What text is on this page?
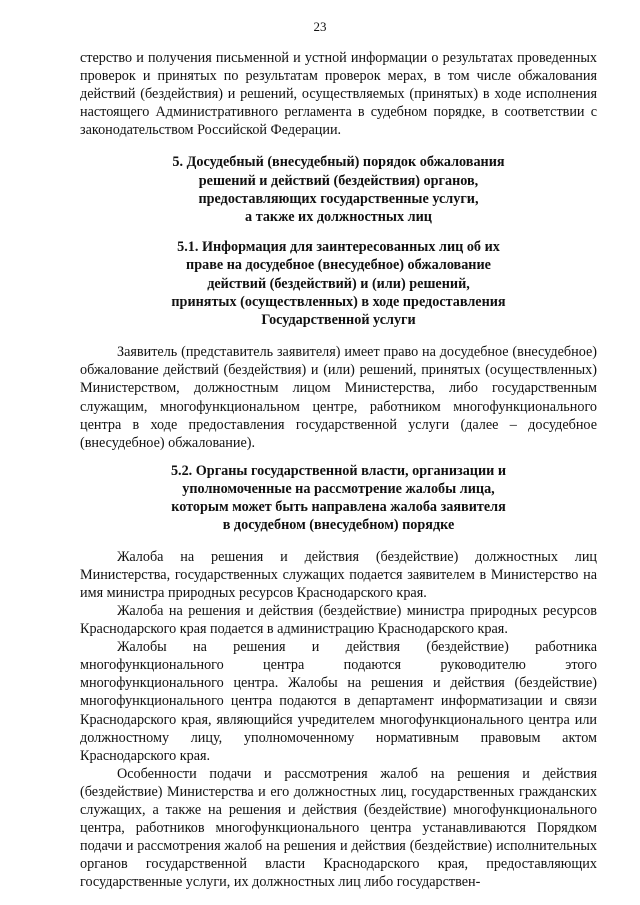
23

стерство и получения письменной и устной информации о результатах проведенных проверок и принятых по результатам проверок мерах, в том числе обжалования действий (бездействия) и решений, осуществляемых (принятых) в ходе исполнения настоящего Административного регламента в судебном порядке, в соответствии с законодательством Российской Федерации.

5. Досудебный (внесудебный) порядок обжалования
решений и действий (бездействия) органов,
предоставляющих государственные услуги,
а также их должностных лиц

5.1. Информация для заинтересованных лиц об их
праве на досудебное (внесудебное) обжалование
действий (бездействий) и (или) решений,
принятых (осуществленных) в ходе предоставления
Государственной услуги

Заявитель (представитель заявителя) имеет право на досудебное (внесудебное) обжалование действий (бездействия) и (или) решений, принятых (осуществленных) Министерством, должностным лицом Министерства, либо государственным служащим, многофункциональном центре, работником многофункционального центра в ходе предоставления государственной услуги (далее – досудебное (внесудебное) обжалование).

5.2. Органы государственной власти, организации и
уполномоченные на рассмотрение жалобы лица,
которым может быть направлена жалоба заявителя
в досудебном (внесудебном) порядке

Жалоба на решения и действия (бездействие) должностных лиц Министерства, государственных служащих подается заявителем в Министерство на имя министра природных ресурсов Краснодарского края.

Жалоба на решения и действия (бездействие) министра природных ресурсов Краснодарского края подается в администрацию Краснодарского края.

Жалобы на решения и действия (бездействие) работника многофункционального центра подаются руководителю этого многофункционального центра. Жалобы на решения и действия (бездействие) многофункционального центра подаются в департамент информатизации и связи Краснодарского края, являющийся учредителем многофункционального центра или должностному лицу, уполномоченному нормативным правовым актом Краснодарского края.

Особенности подачи и рассмотрения жалоб на решения и действия (бездействие) Министерства и его должностных лиц, государственных гражданских служащих, а также на решения и действия (бездействие) многофункционального центра, работников многофункционального центра устанавливаются Порядком подачи и рассмотрения жалоб на решения и действия (бездействие) исполнительных органов государственной власти Краснодарского края, предоставляющих государственные услуги, их должностных лиц либо государствен-
